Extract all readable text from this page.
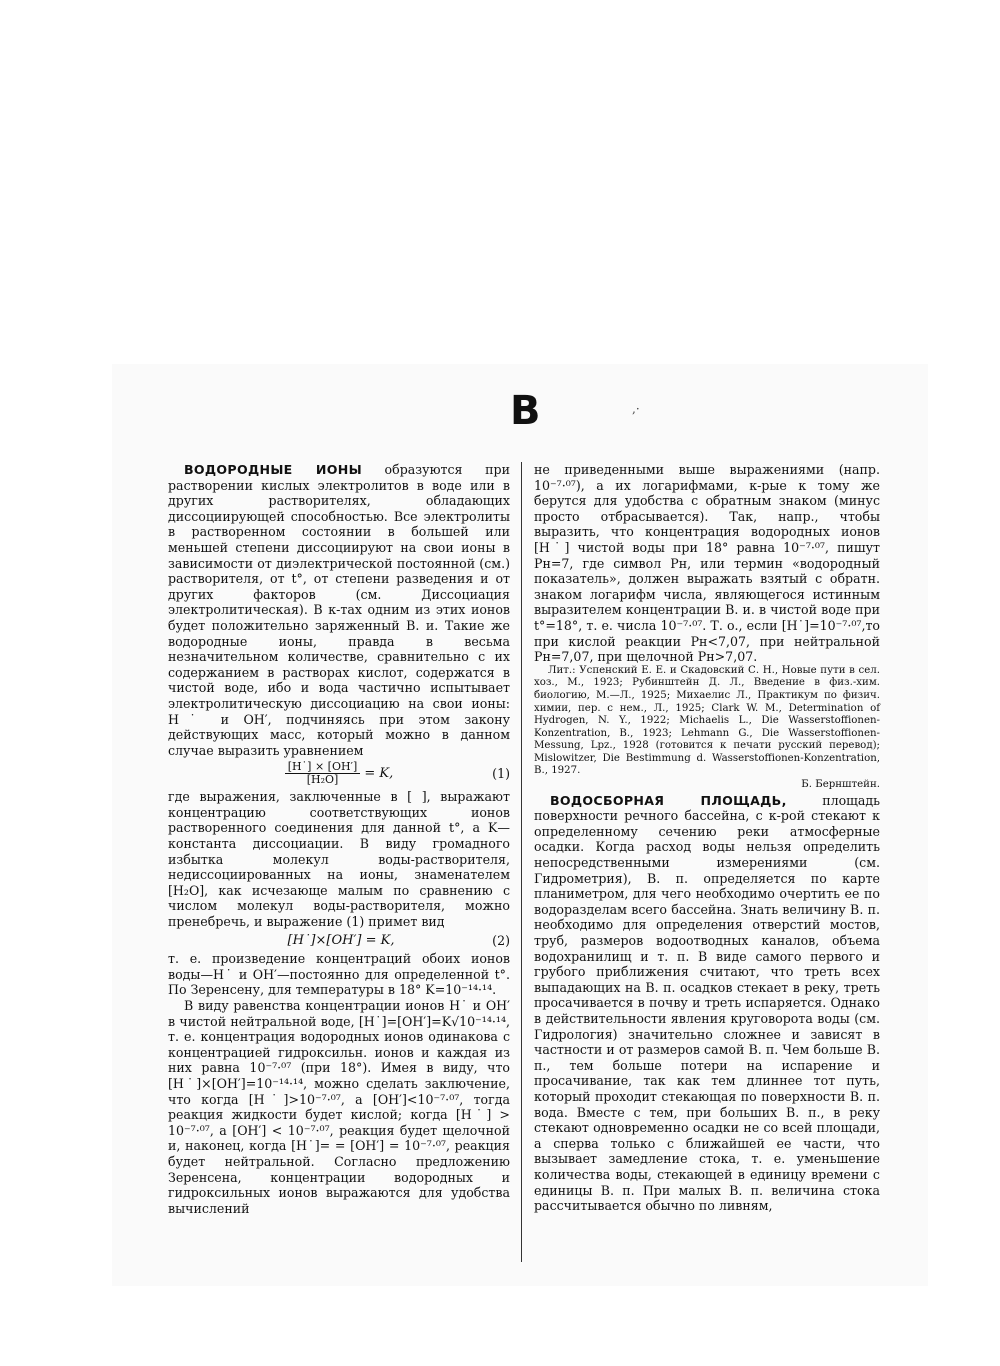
В	,·

ВОДОРОДНЫЕ ИОНЫ образуются при растворении кислых электролитов в воде или в других растворителях, обладающих диссоциирующей способностью. Все электролиты в растворенном состоянии в большей или меньшей степени диссоциируют на свои ионы в зависимости от диэлектрической постоянной (см.) растворителя, от t°, от степени разведения и от других факторов (см. Диссоциация электролитическая). В к-тах одним из этих ионов будет положительно заряженный В. и. Такие же водородные ионы, правда в весьма незначительном количестве, сравнительно с их содержанием в растворах кислот, содержатся в чистой воде, ибо и вода частично испытывает электролитическую диссоциацию на свои ионы: H˙ и OH′, подчиняясь при этом закону действующих масс, который можно в данном случае выразить уравнением

$\frac{[H˙] \times [OH']}{\text{[H₂O]}} = K$,	(1)

где выражения, заключенные в [ ], выражают концентрацию соответствующих ионов растворенного соединения для данной t°, а K—константа диссоциации. В виду громадного избытка молекул воды-растворителя, недиссоциированных на ионы, знаменателем [H₂O], как исчезающе малым по сравнению с числом молекул воды-растворителя, можно пренебречь, и выражение (1) примет вид

[H˙]×[OH′] = K,	(2)

т. е. произведение концентраций обоих ионов воды—H˙ и OH′—постоянно для определенной t°. По Зеренсену, для температуры в 18° K=10⁻¹⁴·¹⁴.

В виду равенства концентрации ионов H˙ и OH′ в чистой нейтральной воде, [H˙]=[OH′]=K√10⁻¹⁴·¹⁴, т. е. концентрация водородных ионов одинакова с концентрацией гидроксильн. ионов и каждая из них равна 10⁻⁷·⁰⁷ (при 18°). Имея в виду, что [H˙]×[OH′]=10⁻¹⁴·¹⁴, можно сделать заключение, что когда [H˙]>10⁻⁷·⁰⁷, а [OH′]<10⁻⁷·⁰⁷, тогда реакция жидкости будет кислой; когда [H˙] > 10⁻⁷·⁰⁷, а [OH′] < 10⁻⁷·⁰⁷, реакция будет щелочной и, наконец, когда [H˙]= = [OH′] = 10⁻⁷·⁰⁷, реакция будет нейтральной. Согласно предложению Зеренсена, концентрации водородных и гидроксильных ионов выражаются для удобства вычислений

не приведенными выше выражениями (напр. 10⁻⁷·⁰⁷), а их логарифмами, к-рые к тому же берутся для удобства с обратным знаком (минус просто отбрасывается). Так, напр., чтобы выразить, что концентрация водородных ионов [H˙] чистой воды при 18° равна 10⁻⁷·⁰⁷, пишут Pн=7, где символ Pн, или термин «водородный показатель», должен выражать взятый с обратн. знаком логарифм числа, являющегося истинным выразителем концентрации В. и. в чистой воде при t°=18°, т. е. числа 10⁻⁷·⁰⁷. Т. о., если [H˙]=10⁻⁷·⁰⁷,то при кислой реакции Pн<7,07, при нейтральной Pн=7,07, при щелочной Pн>7,07.

Лит.: Успенский Е. Е. и Скадовский С. Н., Новые пути в сел. хоз., М., 1923; Рубинштейн Д. Л., Введение в физ.-хим. биологию, М.—Л., 1925; Михаелис Л., Практикум по физич. химии, пер. с нем., Л., 1925; Clark W. M., Determination of Hydrogen, N. Y., 1922; Michaelis L., Die Wasserstoffionen-Konzentration, B., 1923; Lehmann G., Die Wasserstoffionen-Messung, Lpz., 1928 (готовится к печати русский перевод); Mislowitzer, Die Bestimmung d. Wasserstoffionen-Konzentration, B., 1927.

Б. Бернштейн.

ВОДОСБОРНАЯ ПЛОЩАДЬ, площадь поверхности речного бассейна, с к-рой стекают к определенному сечению реки атмосферные осадки. Когда расход воды нельзя определить непосредственными измерениями (см. Гидрометрия), В. п. определяется по карте планиметром, для чего необходимо очертить ее по водоразделам всего бассейна. Знать величину В. п. необходимо для определения отверстий мостов, труб, размеров водоотводных каналов, объема водохранилищ и т. п. В виде самого первого и грубого приближения считают, что треть всех выпадающих на В. п. осадков стекает в реку, треть просачивается в почву и треть испаряется. Однако в действительности явления круговорота воды (см. Гидрология) значительно сложнее и зависят в частности и от размеров самой В. п. Чем больше В. п., тем больше потери на испарение и просачивание, так как тем длиннее тот путь, который проходит стекающая по поверхности В. п. вода. Вместе с тем, при больших В. п., в реку стекают одновременно осадки не со всей площади, а сперва только с ближайшей ее части, что вызывает замедление стока, т. е. уменьшение количества воды, стекающей в единицу времени с единицы В. п. При малых В. п. величина стока рассчитывается обычно по ливням,
